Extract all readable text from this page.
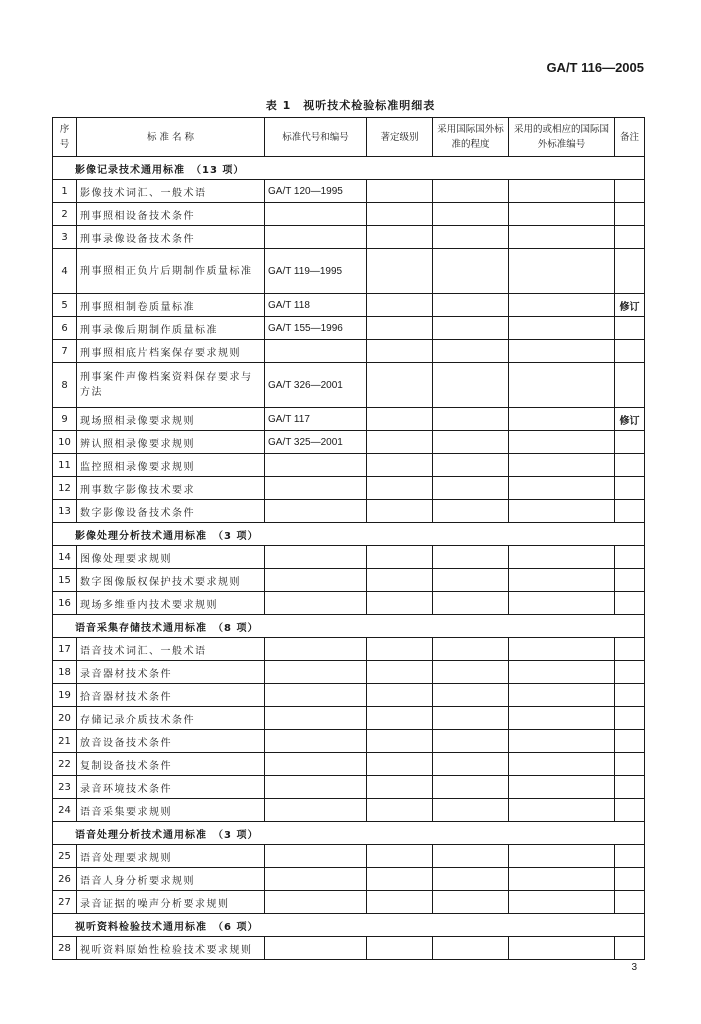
GA/T 116—2005
表 1　视听技术检验标准明细表
序号	标 准 名 称	标准代号和编号	著定级别	采用国际国外标准的程度	采用的或相应的国际国外标准编号	备注
影像记录技术通用标准　（13 项）						
1	影像技术词汇、一般术语	GA/T 120—1995				
2	刑事照相设备技术条件					
3	刑事录像设备技术条件					
4	刑事照相正负片后期制作质量标准	GA/T 119—1995				
5	刑事照相制卷质量标准	GA/T 118				修订
6	刑事录像后期制作质量标准	GA/T 155—1996				
7	刑事照相底片档案保存要求规则					
8	刑事案件声像档案资料保存要求与方法	GA/T 326—2001				
9	现场照相录像要求规则	GA/T 117				修订
10	辨认照相录像要求规则	GA/T 325—2001				
11	监控照相录像要求规则					
12	刑事数字影像技术要求					
13	数字影像设备技术条件					
影像处理分析技术通用标准　（3 项）						
14	图像处理要求规则					
15	数字图像版权保护技术要求规则					
16	现场多维垂内技术要求规则					
语音采集存储技术通用标准　（8 项）						
17	语音技术词汇、一般术语					
18	录音器材技术条件					
19	拾音器材技术条件					
20	存储记录介质技术条件					
21	放音设备技术条件					
22	复制设备技术条件					
23	录音环境技术条件					
24	语音采集要求规则					
语音处理分析技术通用标准　（3 项）						
25	语音处理要求规则					
26	语音人身分析要求规则					
27	录音证据的噪声分析要求规则					
视听资料检验技术通用标准　（6 项）						
28	视听资料原始性检验技术要求规则					
3
